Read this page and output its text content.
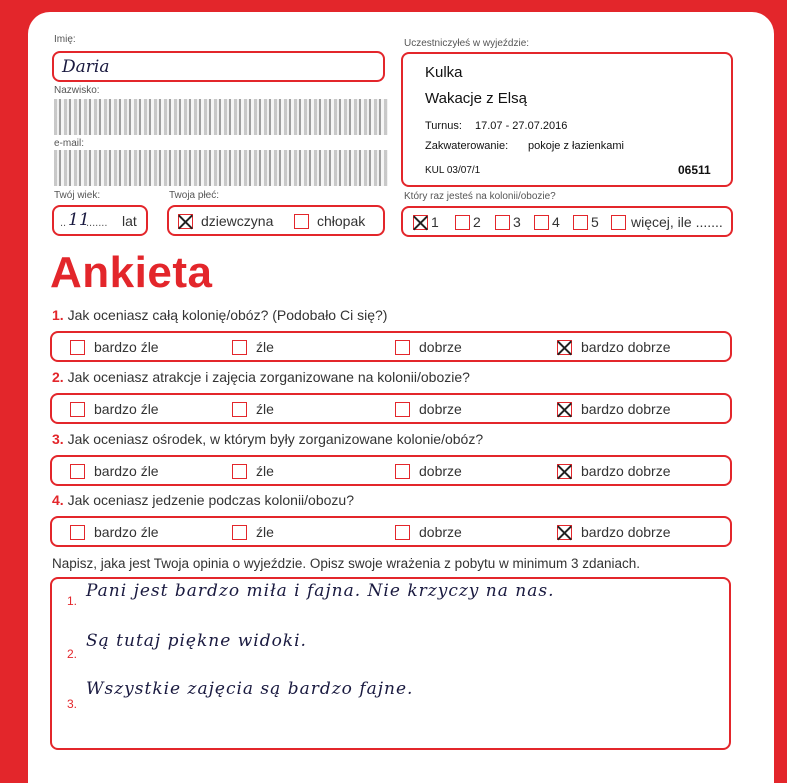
Imię:
Daria
Nazwisko:
e-mail:
Twój wiek:
.. 11
....... lat
Twoja płeć:
dziewczyna	chłopak
Uczestniczyłeś w wyjeździe:
Kulka
Wakacje z Elsą
Turnus: 17.07 - 27.07.2016
Zakwaterowanie: pokoje z łazienkami
KUL 03/07/1	06511
Który raz jesteś na kolonii/obozie?
1 2 3 4 5 więcej, ile .......
Ankieta
1. Jak oceniasz całą kolonię/obóz? (Podobało Ci się?)
bardzo źle	źle	dobrze	bardzo dobrze
2. Jak oceniasz atrakcje i zajęcia zorganizowane na kolonii/obozie?
bardzo źle	źle	dobrze	bardzo dobrze
3. Jak oceniasz ośrodek, w którym były zorganizowane kolonie/obóz?
bardzo źle	źle	dobrze	bardzo dobrze
4. Jak oceniasz jedzenie podczas kolonii/obozu?
bardzo źle	źle	dobrze	bardzo dobrze
Napisz, jaka jest Twoja opinia o wyjeździe. Opisz swoje wrażenia z pobytu w minimum 3 zdaniach.
1. Pani jest bardzo miła i fajna. Nie krzyczy na nas.
2.
Są tutaj piękne widoki.
3.
Wszystkie zajęcia są bardzo fajne.
